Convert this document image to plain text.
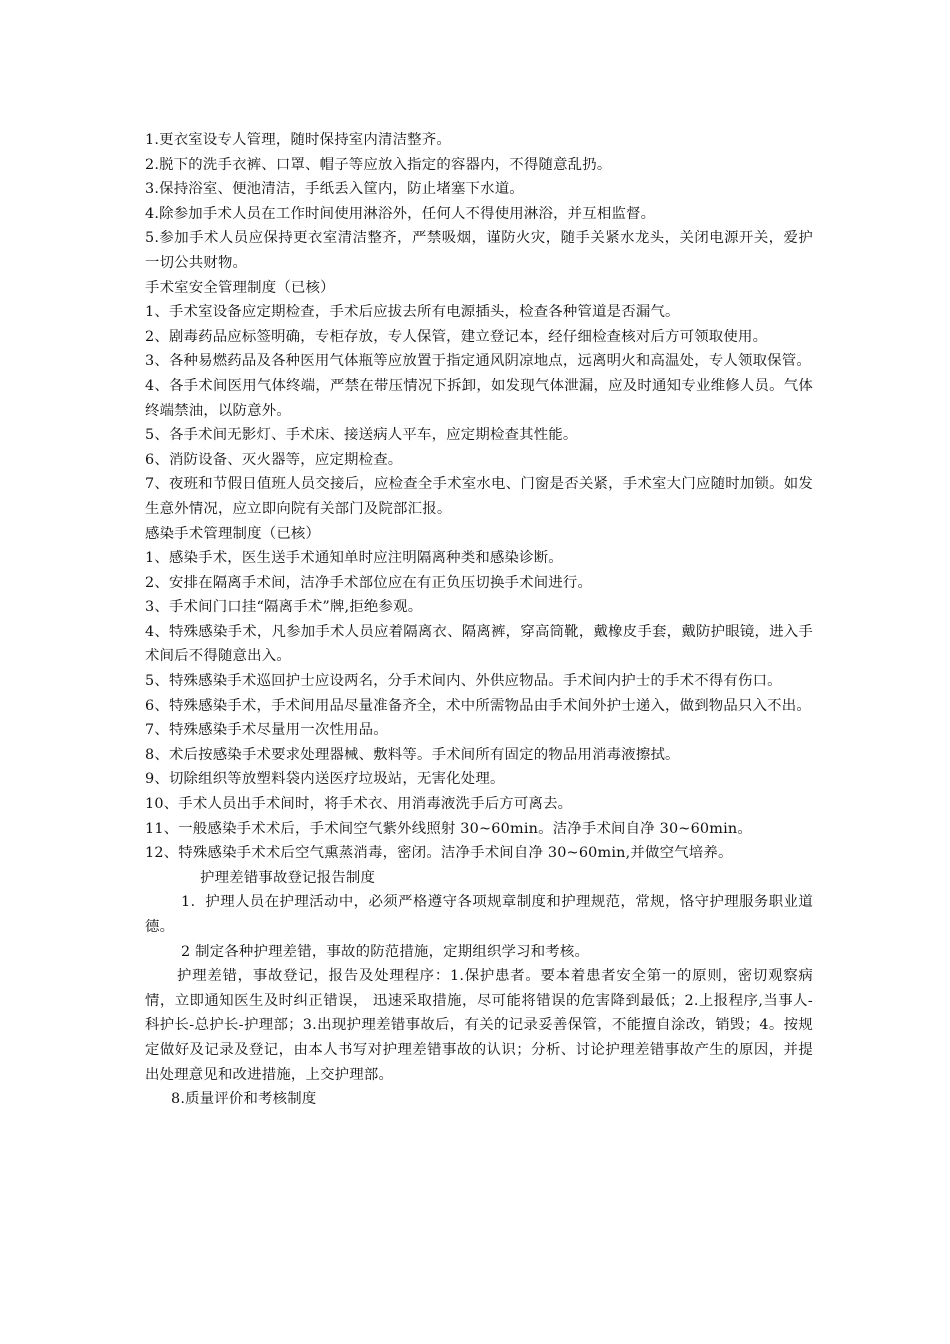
1.更衣室设专人管理，随时保持室内清洁整齐。

2.脱下的洗手衣裤、口罩、帽子等应放入指定的容器内，不得随意乱扔。

3.保持浴室、便池清洁，手纸丢入筐内，防止堵塞下水道。

4.除参加手术人员在工作时间使用淋浴外，任何人不得使用淋浴，并互相监督。

5.参加手术人员应保持更衣室清洁整齐，严禁吸烟，谨防火灾，随手关紧水龙头，关闭电源开关，爱护一切公共财物。

手术室安全管理制度（已核）

1、手术室设备应定期检查，手术后应拔去所有电源插头，检查各种管道是否漏气。

2、剧毒药品应标签明确，专柜存放，专人保管，建立登记本，经仔细检查核对后方可领取使用。

3、各种易燃药品及各种医用气体瓶等应放置于指定通风阴凉地点，远离明火和高温处，专人领取保管。

4、各手术间医用气体终端，严禁在带压情况下拆卸，如发现气体泄漏，应及时通知专业维修人员。气体终端禁油，以防意外。

5、各手术间无影灯、手术床、接送病人平车，应定期检查其性能。

6、消防设备、灭火器等，应定期检查。

7、夜班和节假日值班人员交接后，应检查全手术室水电、门窗是否关紧，手术室大门应随时加锁。如发生意外情况，应立即向院有关部门及院部汇报。

感染手术管理制度（已核）

1、感染手术，医生送手术通知单时应注明隔离种类和感染诊断。

2、安排在隔离手术间，洁净手术部位应在有正负压切换手术间进行。

3、手术间门口挂“隔离手术”牌,拒绝参观。

4、特殊感染手术，凡参加手术人员应着隔离衣、隔离裤，穿高筒靴，戴橡皮手套，戴防护眼镜，进入手术间后不得随意出入。

5、特殊感染手术巡回护士应设两名，分手术间内、外供应物品。手术间内护士的手术不得有伤口。

6、特殊感染手术，手术间用品尽量准备齐全，术中所需物品由手术间外护士递入，做到物品只入不出。

7、特殊感染手术尽量用一次性用品。

8、术后按感染手术要求处理器械、敷料等。手术间所有固定的物品用消毒液擦拭。

9、切除组织等放塑料袋内送医疗垃圾站，无害化处理。

10、手术人员出手术间时，将手术衣、用消毒液洗手后方可离去。

11、一般感染手术术后，手术间空气紫外线照射 30~60min。洁净手术间自净 30~60min。

12、特殊感染手术术后空气熏蒸消毒，密闭。洁净手术间自净 30~60min,并做空气培养。

护理差错事故登记报告制度

1．护理人员在护理活动中，必须严格遵守各项规章制度和护理规范，常规，恪守护理服务职业道德。

2 制定各种护理差错，事故的防范措施，定期组织学习和考核。

护理差错，事故登记，报告及处理程序：1.保护患者。要本着患者安全第一的原则，密切观察病情，立即通知医生及时纠正错误， 迅速采取措施，尽可能将错误的危害降到最低；2.上报程序,当事人-科护长-总护长-护理部；3.出现护理差错事故后，有关的记录妥善保管，不能擅自涂改，销毁；4。按规定做好及记录及登记，由本人书写对护理差错事故的认识；分析、讨论护理差错事故产生的原因，并提出处理意见和改进措施，上交护理部。

8.质量评价和考核制度
